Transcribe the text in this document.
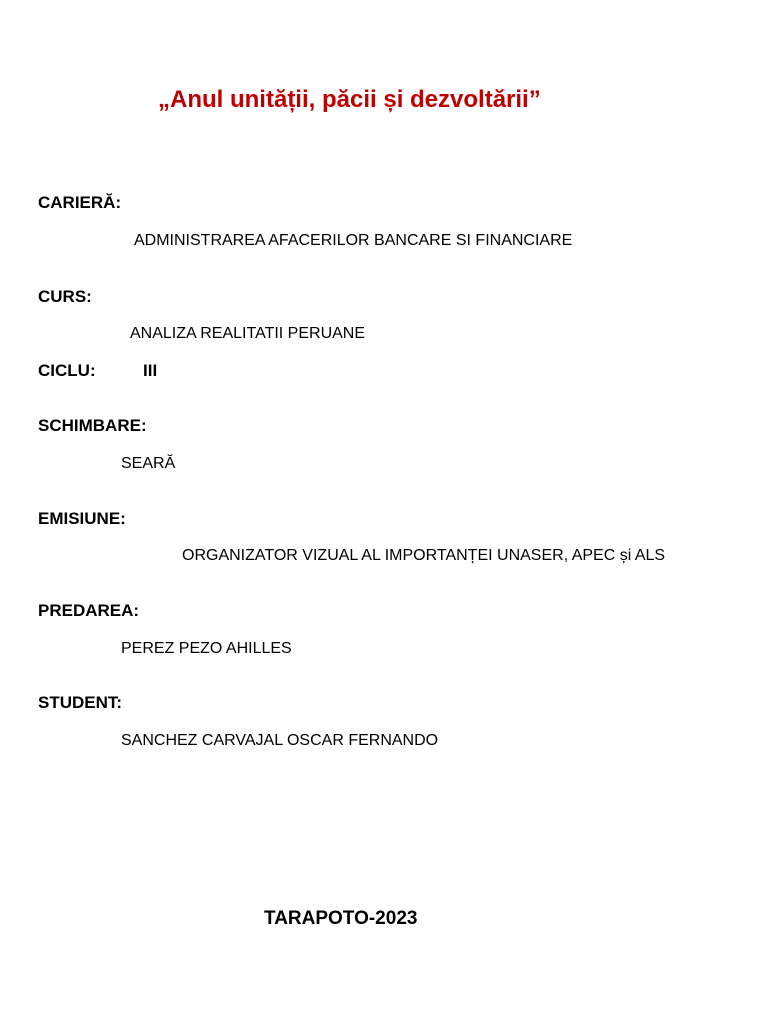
„Anul unității, păcii și dezvoltării”

CARIERĂ:

ADMINISTRAREA AFACERILOR BANCARE SI FINANCIARE

CURS:

ANALIZA REALITATII PERUANE

CICLU:	III

SCHIMBARE:

SEARĂ

EMISIUNE:

ORGANIZATOR VIZUAL AL IMPORTANȚEI UNASER, APEC și ALS

PREDAREA:

PEREZ PEZO AHILLES

STUDENT:

SANCHEZ CARVAJAL OSCAR FERNANDO

TARAPOTO-2023
